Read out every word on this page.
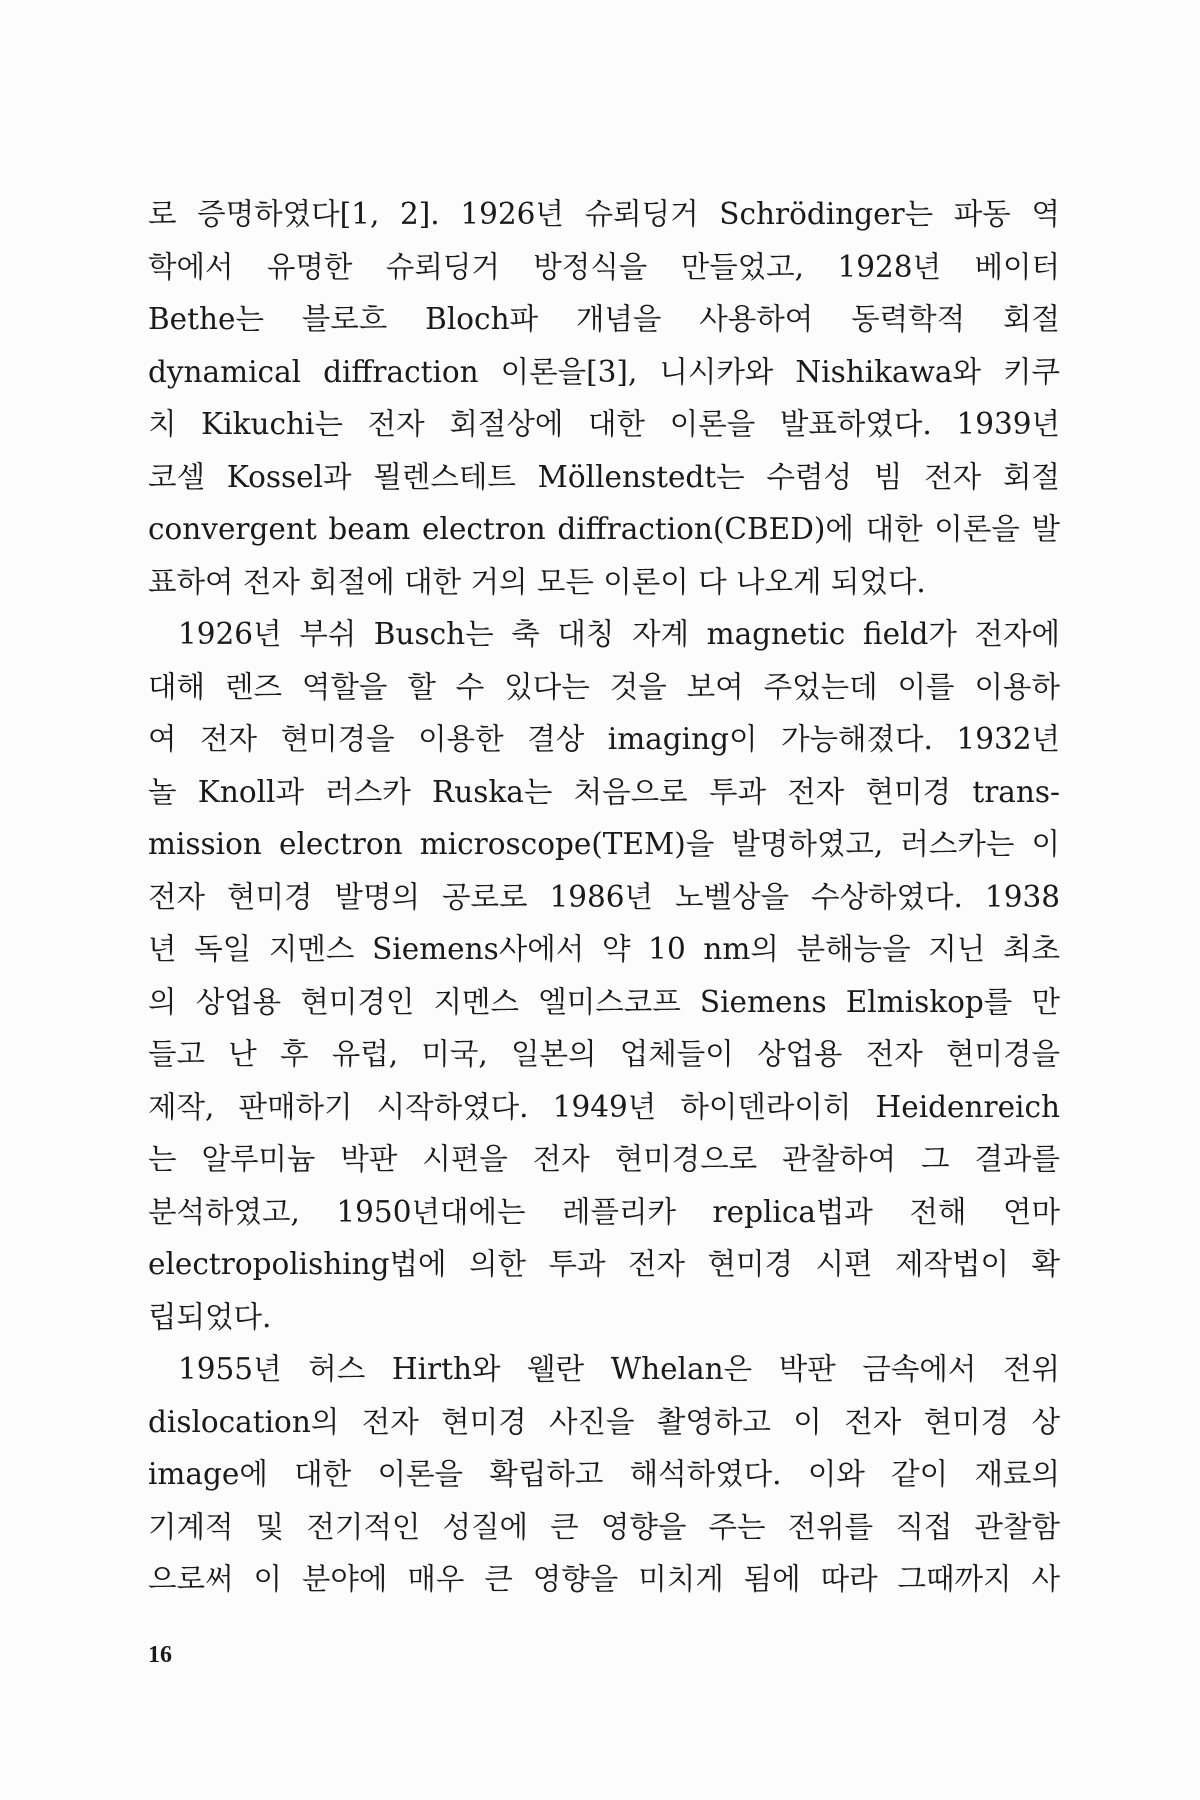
로 증명하였다[1, 2]. 1926년 슈뢰딩거 Schrödinger는 파동 역
학에서 유명한 슈뢰딩거 방정식을 만들었고, 1928년 베이터
Bethe는 블로흐 Bloch파 개념을 사용하여 동력학적 회절
dynamical diffraction 이론을[3], 니시카와 Nishikawa와 키쿠
치 Kikuchi는 전자 회절상에 대한 이론을 발표하였다. 1939년
코셀 Kossel과 묄렌스테트 Möllenstedt는 수렴성 빔 전자 회절
convergent beam electron diffraction(CBED)에 대한 이론을 발
표하여 전자 회절에 대한 거의 모든 이론이 다 나오게 되었다.
1926년 부쉬 Busch는 축 대칭 자계 magnetic field가 전자에
대해 렌즈 역할을 할 수 있다는 것을 보여 주었는데 이를 이용하
여 전자 현미경을 이용한 결상 imaging이 가능해졌다. 1932년
놀 Knoll과 러스카 Ruska는 처음으로 투과 전자 현미경 trans-
mission electron microscope(TEM)을 발명하였고, 러스카는 이
전자 현미경 발명의 공로로 1986년 노벨상을 수상하였다. 1938
년 독일 지멘스 Siemens사에서 약 10 nm의 분해능을 지닌 최초
의 상업용 현미경인 지멘스 엘미스코프 Siemens Elmiskop를 만
들고 난 후 유럽, 미국, 일본의 업체들이 상업용 전자 현미경을
제작, 판매하기 시작하였다. 1949년 하이덴라이히 Heidenreich
는 알루미늄 박판 시편을 전자 현미경으로 관찰하여 그 결과를
분석하였고, 1950년대에는 레플리카 replica법과 전해 연마
electropolishing법에 의한 투과 전자 현미경 시편 제작법이 확
립되었다.
1955년 허스 Hirth와 웰란 Whelan은 박판 금속에서 전위
dislocation의 전자 현미경 사진을 촬영하고 이 전자 현미경 상
image에 대한 이론을 확립하고 해석하였다. 이와 같이 재료의
기계적 및 전기적인 성질에 큰 영향을 주는 전위를 직접 관찰함
으로써 이 분야에 매우 큰 영향을 미치게 됨에 따라 그때까지 사
16
